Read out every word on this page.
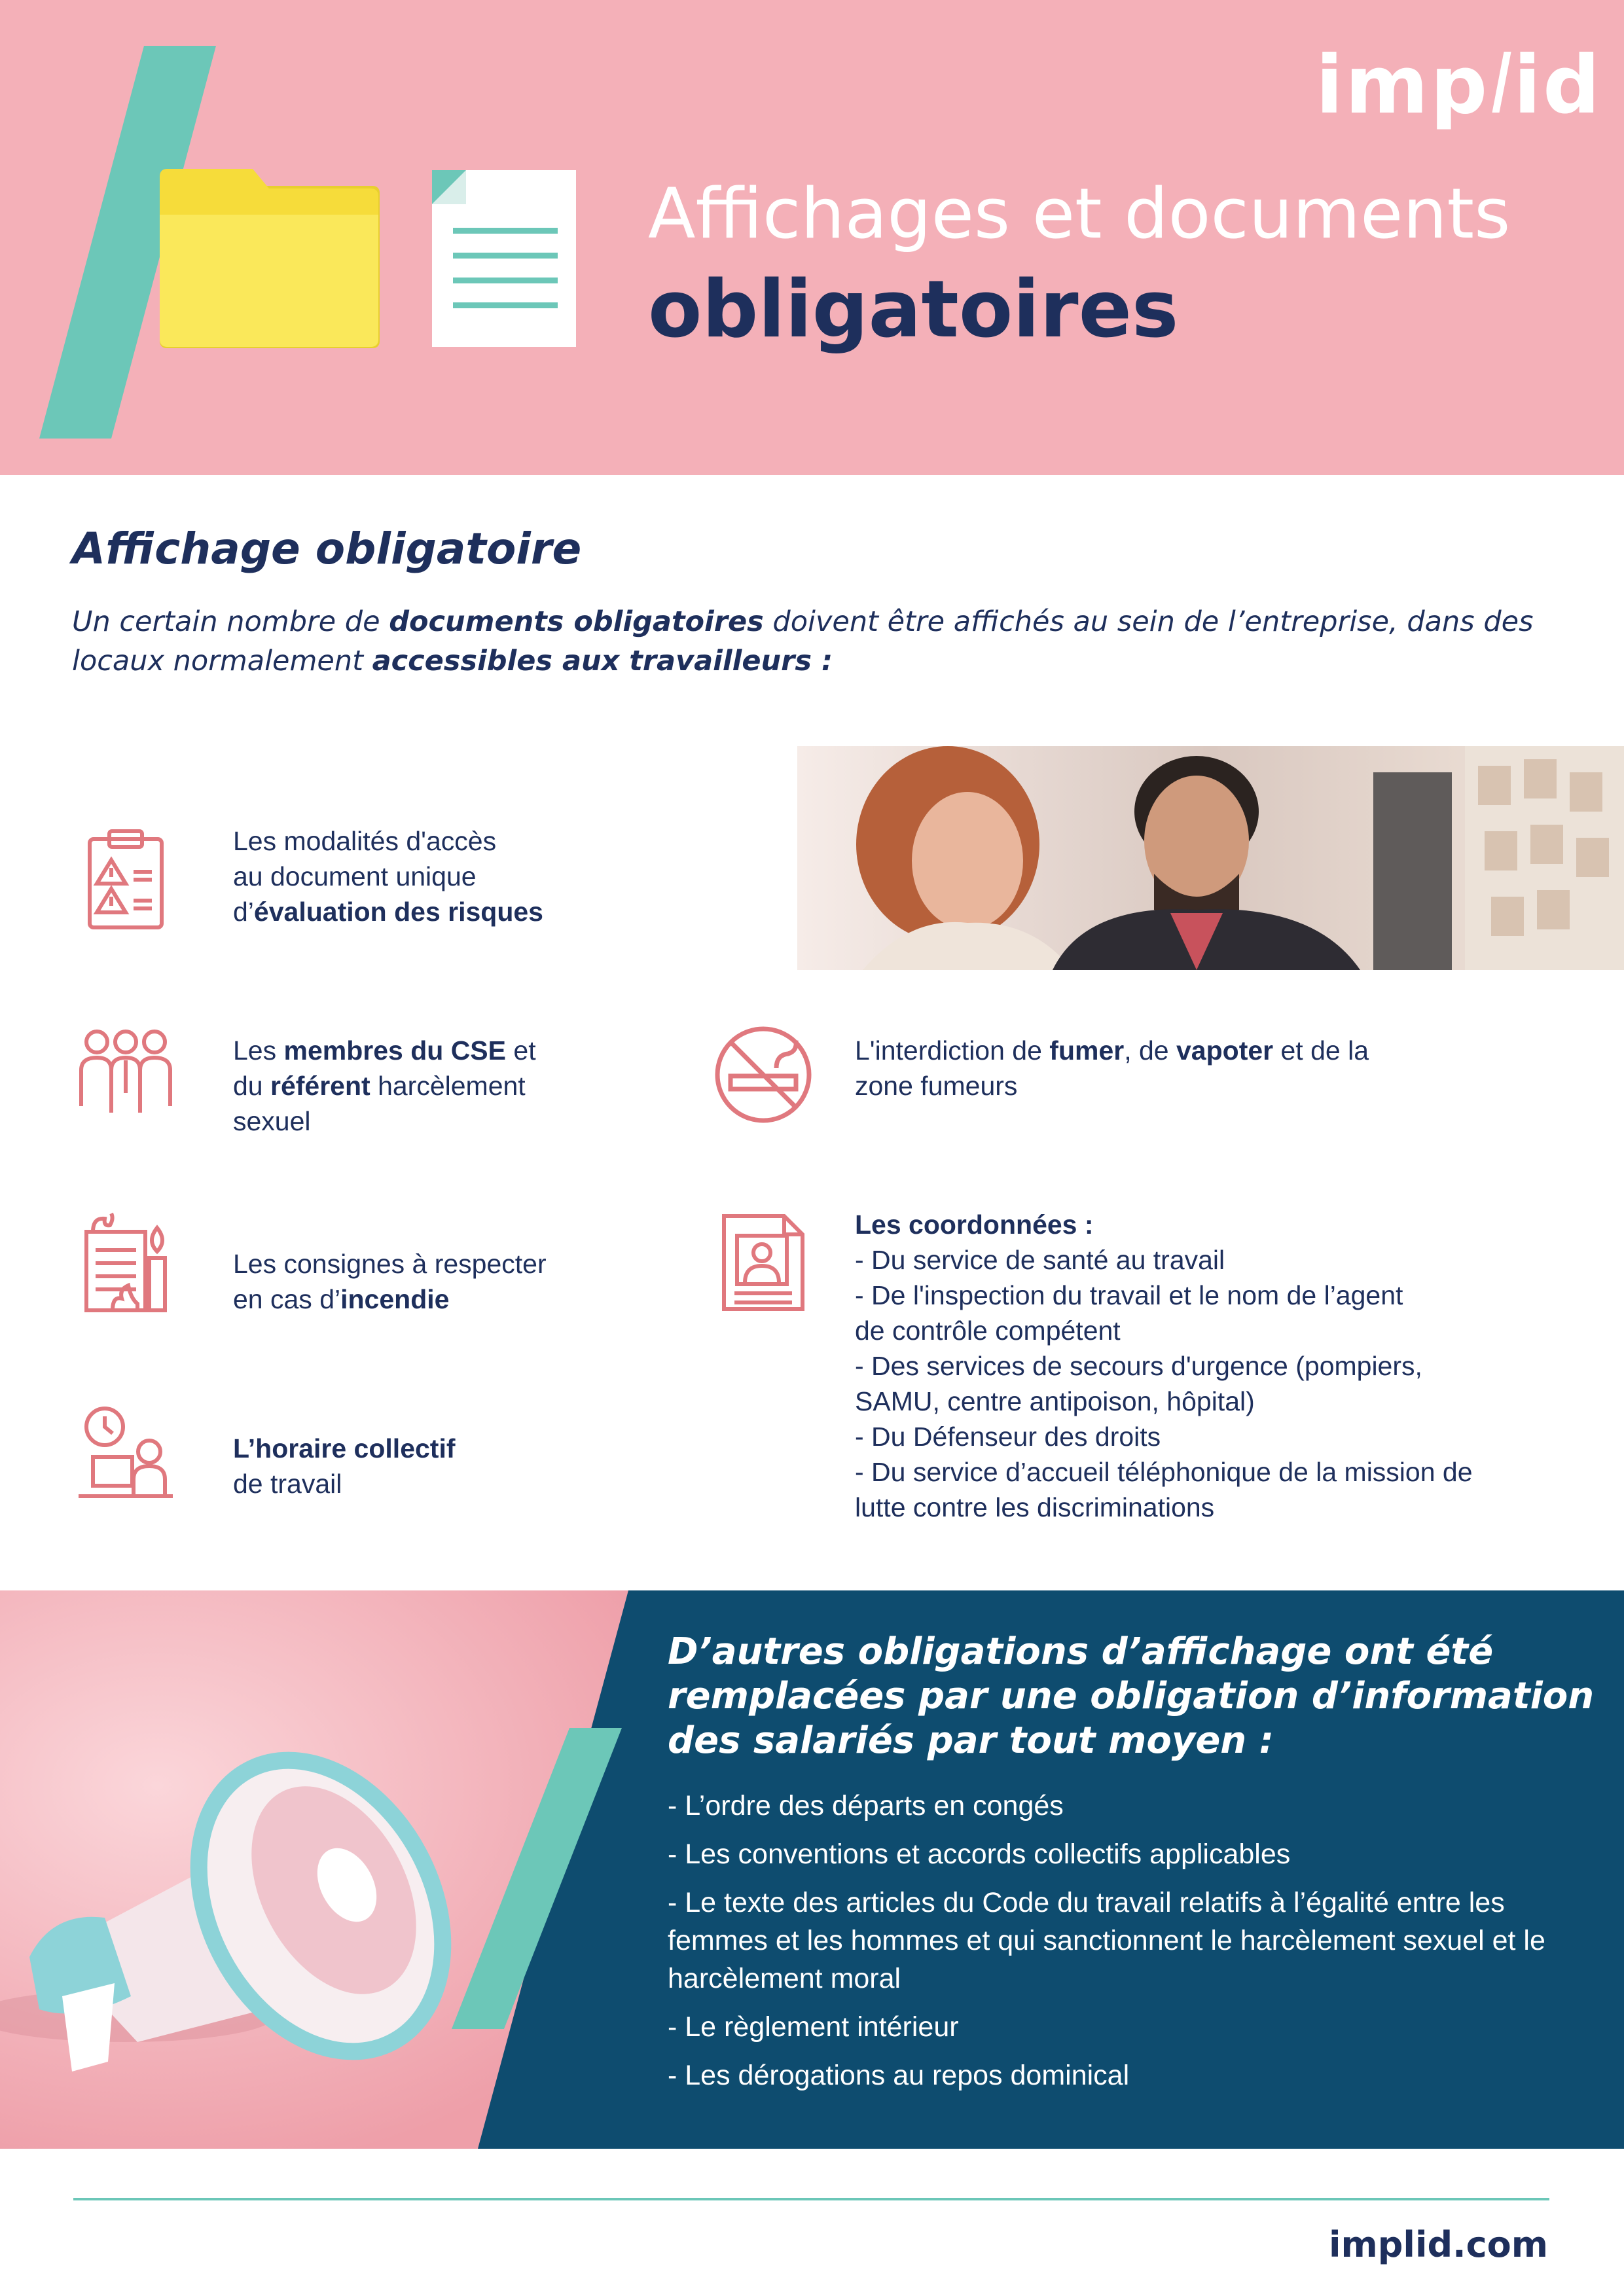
implid
Affichages et documents
obligatoires
Affichage obligatoire
Un certain nombre de documents obligatoires doivent être affichés au sein de l’entreprise, dans des locaux normalement accessibles aux travailleurs :
Les modalités d'accès
au document unique
d’évaluation des risques
Les membres du CSE et
du référent harcèlement
sexuel
L'interdiction de fumer, de vapoter et de la
zone fumeurs
Les consignes à respecter
en cas d’incendie
Les coordonnées :
- Du service de santé au travail
- De l'inspection du travail et le nom de l’agent
de contrôle compétent
- Des services de secours d'urgence (pompiers,
SAMU, centre antipoison, hôpital)
- Du Défenseur des droits
- Du service d’accueil téléphonique de la mission de
lutte contre les discriminations
L’horaire collectif
de travail
D’autres obligations d’affichage ont été
remplacées par une obligation d’information
des salariés par tout moyen :
- L’ordre des départs en congés
- Les conventions et accords collectifs applicables
- Le texte des articles du Code du travail relatifs à l’égalité entre les femmes et les hommes et qui sanctionnent le harcèlement sexuel et le harcèlement moral
- Le règlement intérieur
- Les dérogations au repos dominical
implid.com
